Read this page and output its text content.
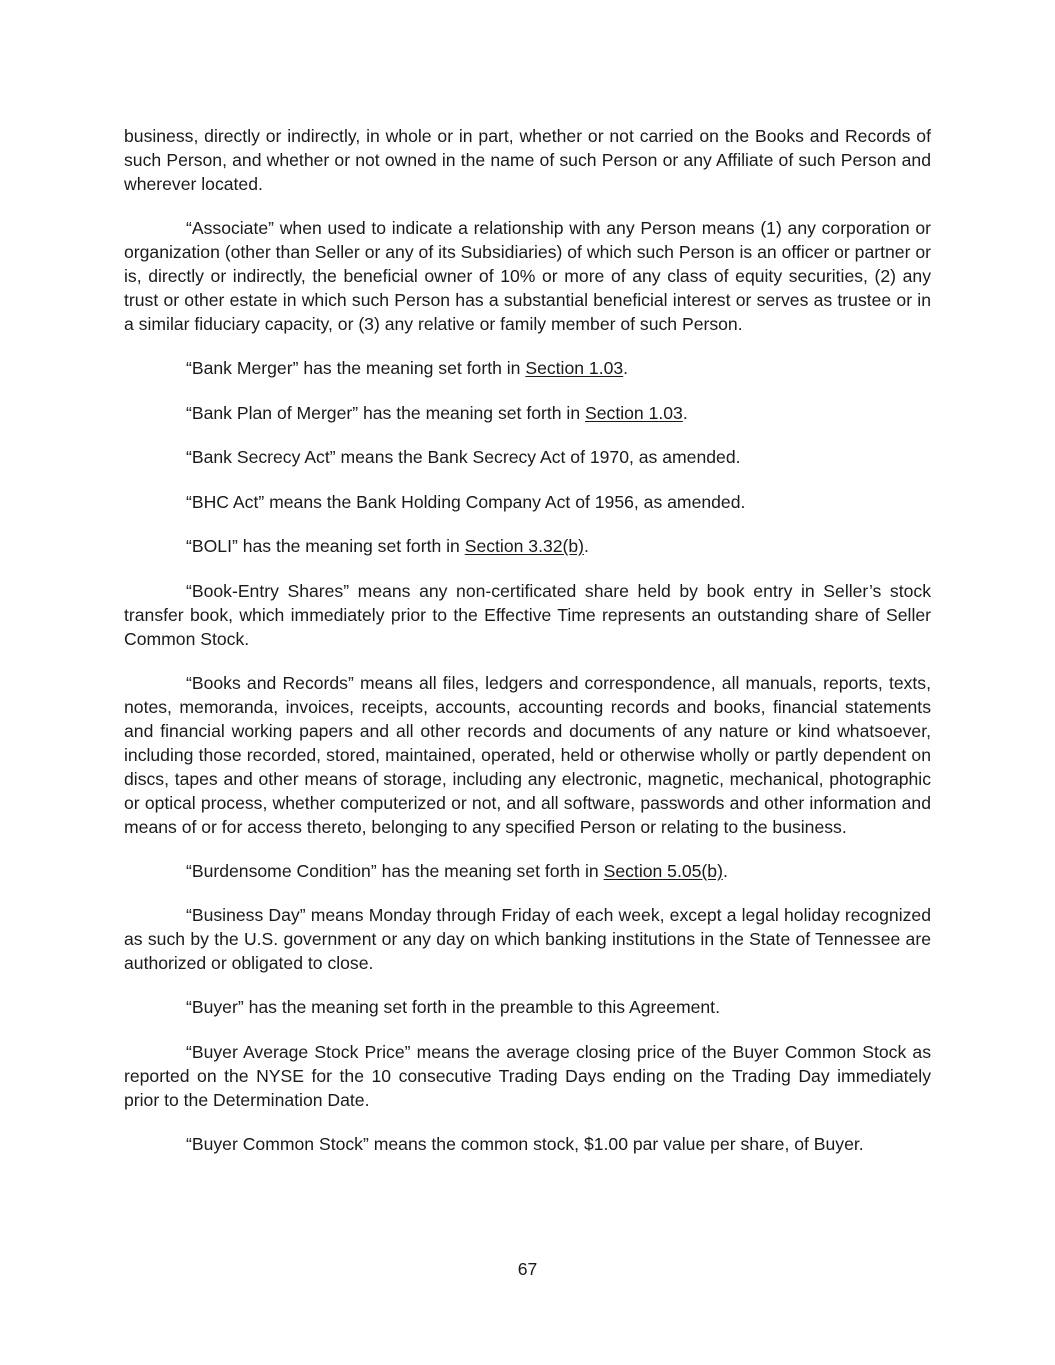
business, directly or indirectly, in whole or in part, whether or not carried on the Books and Records of such Person, and whether or not owned in the name of such Person or any Affiliate of such Person and wherever located.

“Associate” when used to indicate a relationship with any Person means (1) any corporation or organization (other than Seller or any of its Subsidiaries) of which such Person is an officer or partner or is, directly or indirectly, the beneficial owner of 10% or more of any class of equity securities, (2) any trust or other estate in which such Person has a substantial beneficial interest or serves as trustee or in a similar fiduciary capacity, or (3) any relative or family member of such Person.

“Bank Merger” has the meaning set forth in Section 1.03.

“Bank Plan of Merger” has the meaning set forth in Section 1.03.

“Bank Secrecy Act” means the Bank Secrecy Act of 1970, as amended.

“BHC Act” means the Bank Holding Company Act of 1956, as amended.

“BOLI” has the meaning set forth in Section 3.32(b).

“Book-Entry Shares” means any non-certificated share held by book entry in Seller’s stock transfer book, which immediately prior to the Effective Time represents an outstanding share of Seller Common Stock.

“Books and Records” means all files, ledgers and correspondence, all manuals, reports, texts, notes, memoranda, invoices, receipts, accounts, accounting records and books, financial statements and financial working papers and all other records and documents of any nature or kind whatsoever, including those recorded, stored, maintained, operated, held or otherwise wholly or partly dependent on discs, tapes and other means of storage, including any electronic, magnetic, mechanical, photographic or optical process, whether computerized or not, and all software, passwords and other information and means of or for access thereto, belonging to any specified Person or relating to the business.

“Burdensome Condition” has the meaning set forth in Section 5.05(b).

“Business Day” means Monday through Friday of each week, except a legal holiday recognized as such by the U.S. government or any day on which banking institutions in the State of Tennessee are authorized or obligated to close.

“Buyer” has the meaning set forth in the preamble to this Agreement.

“Buyer Average Stock Price” means the average closing price of the Buyer Common Stock as reported on the NYSE for the 10 consecutive Trading Days ending on the Trading Day immediately prior to the Determination Date.

“Buyer Common Stock” means the common stock, $1.00 par value per share, of Buyer.

67
